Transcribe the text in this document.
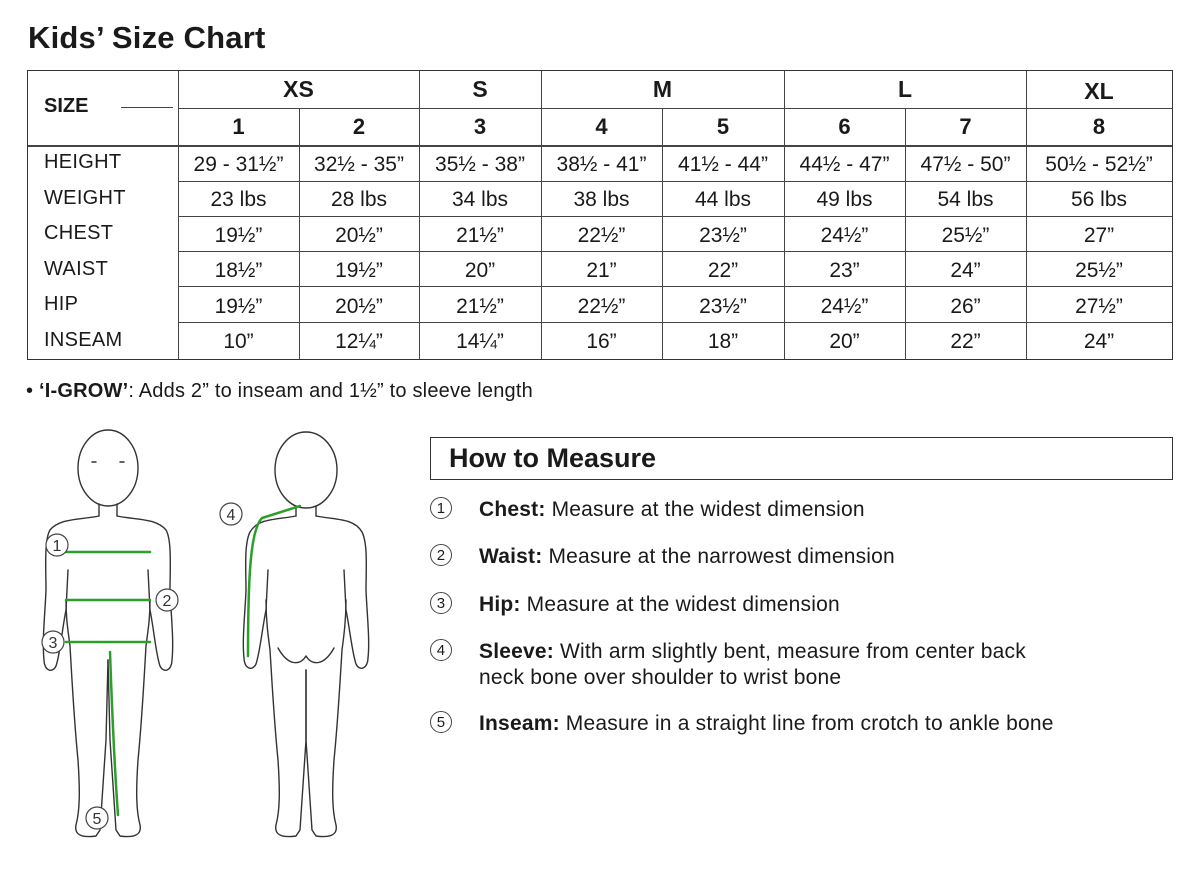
Kids’ Size Chart
SIZE
XS	S	M	L	XL
1	2	3	4	5	6	7	8
HEIGHT	29 - 31½”	32½ - 35”	35½ - 38”	38½ - 41”	41½ - 44”	44½ - 47”	47½ - 50”	50½ - 52½”
WEIGHT	23 lbs	28 lbs	34 lbs	38 lbs	44 lbs	49 lbs	54 lbs	56 lbs
CHEST	19½”	20½”	21½”	22½”	23½”	24½”	25½”	27”
WAIST	18½”	19½”	20”	21”	22”	23”	24”	25½”
HIP	19½”	20½”	21½”	22½”	23½”	24½”	26”	27½”
INSEAM	10”	12¼”	14¼”	16”	18”	20”	22”	24”
• ‘I-GROW’: Adds 2” to inseam and 1½” to sleeve length
1
2
3
5
4
How to Measure
1	Chest: Measure at the widest dimension
2	Waist: Measure at the narrowest dimension
3	Hip: Measure at the widest dimension
4	Sleeve: With arm slightly bent, measure from center back
neck bone over shoulder to wrist bone
5	Inseam: Measure in a straight line from crotch to ankle bone
